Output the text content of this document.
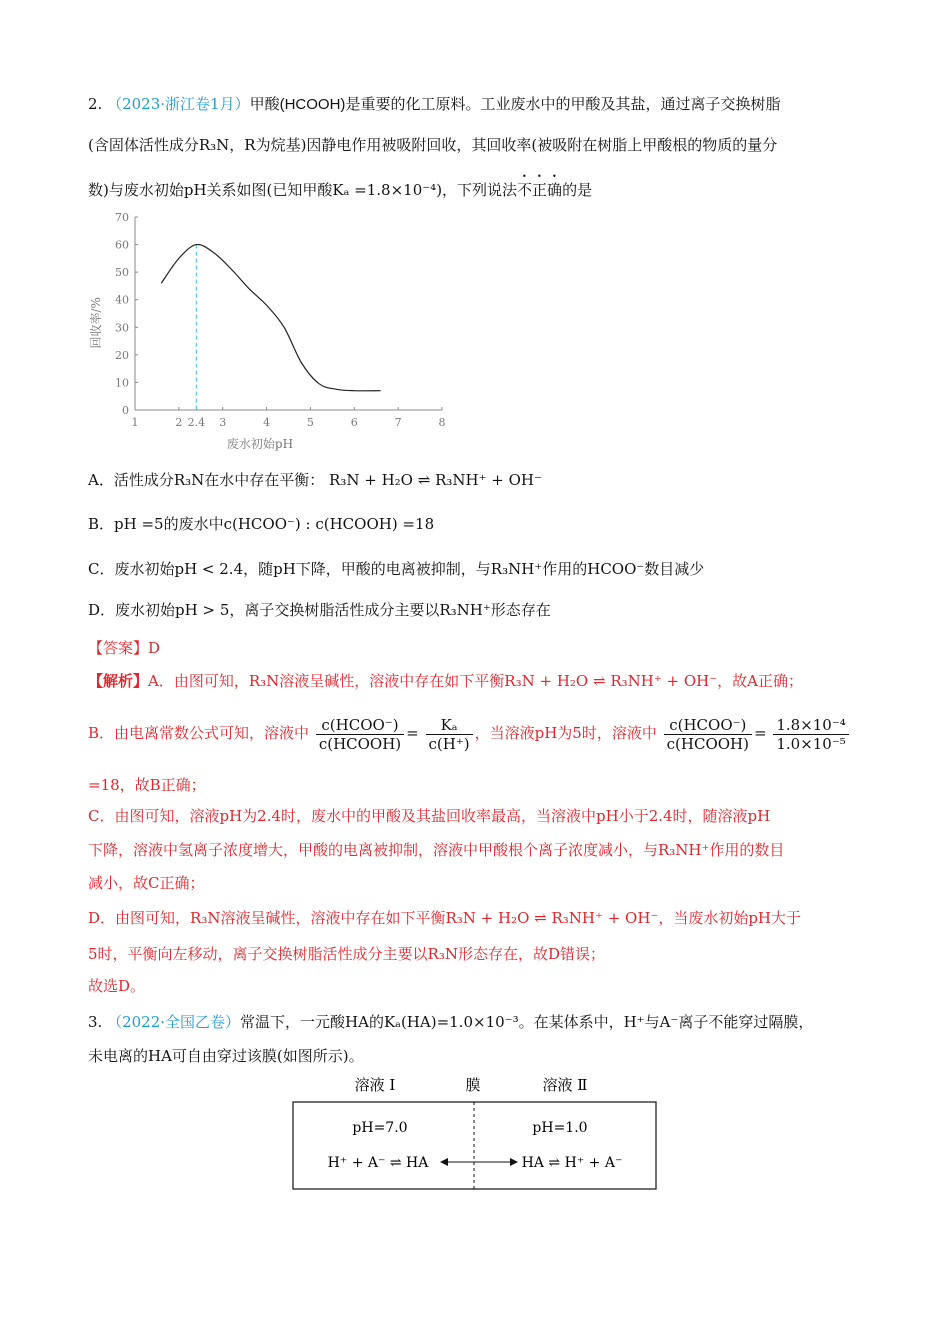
2. （2023·浙江卷1月）甲酸(HCOOH)是重要的化工原料。工业废水中的甲酸及其盐，通过离子交换树脂
(含固体活性成分R₃N，R为烷基)因静电作用被吸附回收，其回收率(被吸附在树脂上甲酸根的物质的量分
数)与废水初始pH关系如图(已知甲酸Kₐ =1.8×10⁻⁴)，下列说法不正确的是
0
10
20
30
40
50
60
70
1	2 2.4 3	4	5	6	7	8
回收率/%
废水初始pH
A．活性成分R₃N在水中存在平衡： R₃N + H₂O ⇌ R₃NH⁺ + OH⁻
B．pH =5的废水中c(HCOO⁻) : c(HCOOH) =18
C．废水初始pH < 2.4，随pH下降，甲酸的电离被抑制，与R₃NH⁺作用的HCOO⁻数目减少
D．废水初始pH > 5，离子交换树脂活性成分主要以R₃NH⁺形态存在
【答案】D
【解析】A．由图可知，R₃N溶液呈碱性，溶液中存在如下平衡R₃N + H₂O ⇌ R₃NH⁺ + OH⁻，故A正确；
B．由电离常数公式可知，溶液中 $\frac{\text{c(HCOO⁻)}}{\text{c(HCOOH)}} = \frac{\text{Kₐ}}{c(H^+)}$ ，当溶液pH为5时，溶液中 $\frac{\text{c(HCOO⁻)}}{\text{c(HCOOH)}} = \frac{\text{1.8×10⁻⁴}}{\text{1.0×10⁻⁵}}$
=18，故B正确；
C．由图可知，溶液pH为2.4时，废水中的甲酸及其盐回收率最高，当溶液中pH小于2.4时，随溶液pH
下降，溶液中氢离子浓度增大，甲酸的电离被抑制，溶液中甲酸根个离子浓度减小，与R₃NH⁺作用的数目
减小，故C正确；
D．由图可知，R₃N溶液呈碱性，溶液中存在如下平衡R₃N + H₂O ⇌ R₃NH⁺ + OH⁻，当废水初始pH大于
5时，平衡向左移动，离子交换树脂活性成分主要以R₃N形态存在，故D错误；
故选D。
3. （2022·全国乙卷）常温下，一元酸HA的Kₐ(HA)=1.0×10⁻³。在某体系中，H⁺与A⁻离子不能穿过隔膜，
未电离的HA可自由穿过该膜(如图所示)。
溶液 Ⅰ	膜	溶液 Ⅱ
pH=7.0	pH=1.0
H⁺ + A⁻ ⇌ HA	HA ⇌ H⁺ + A⁻
